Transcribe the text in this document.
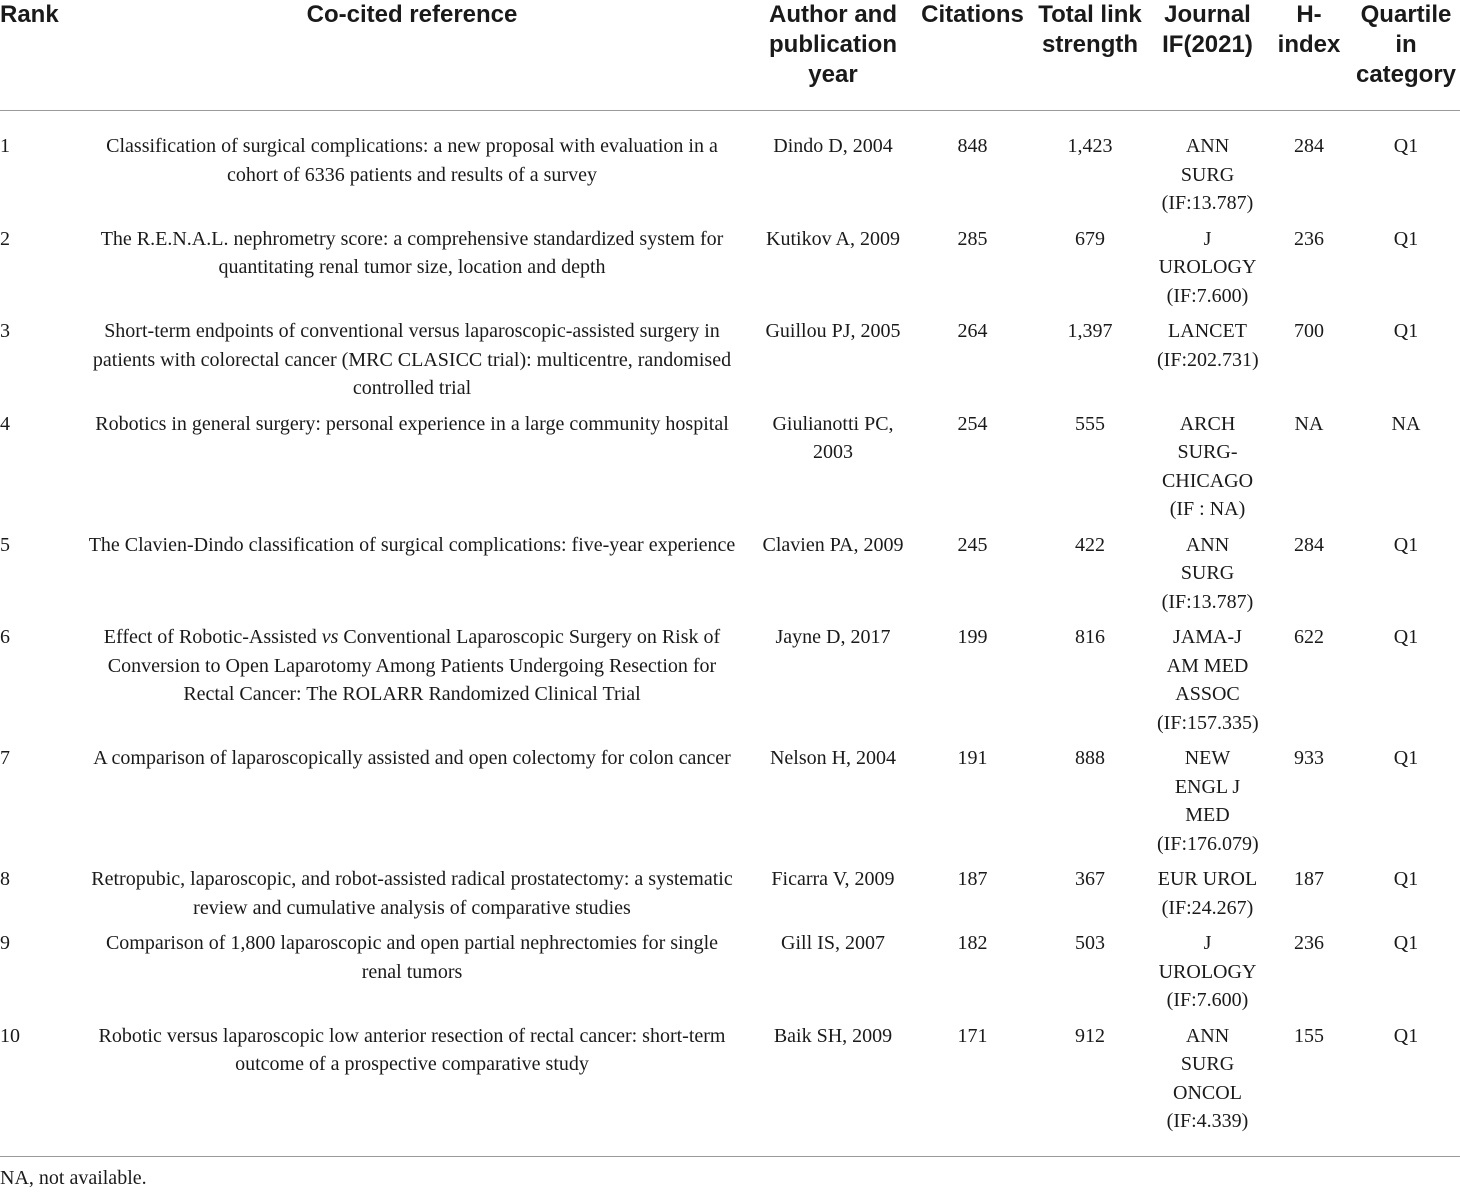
Rank	Co-cited reference	Author and publication year	Citations	Total link strength	Journal IF(2021)	H-index	Quartile in category
1	Classification of surgical complications: a new proposal with evaluation in a cohort of 6336 patients and results of a survey	Dindo D, 2004	848	1,423	ANN SURG (IF:13.787)	284	Q1
2	The R.E.N.A.L. nephrometry score: a comprehensive standardized system for quantitating renal tumor size, location and depth	Kutikov A, 2009	285	679	J UROLOGY (IF:7.600)	236	Q1
3	Short-term endpoints of conventional versus laparoscopic-assisted surgery in patients with colorectal cancer (MRC CLASICC trial): multicentre, randomised controlled trial	Guillou PJ, 2005	264	1,397	LANCET (IF:202.731)	700	Q1
4	Robotics in general surgery: personal experience in a large community hospital	Giulianotti PC, 2003	254	555	ARCH SURG-CHICAGO (IF : NA)	NA	NA
5	The Clavien-Dindo classification of surgical complications: five-year experience	Clavien PA, 2009	245	422	ANN SURG (IF:13.787)	284	Q1
6	Effect of Robotic-Assisted vs Conventional Laparoscopic Surgery on Risk of Conversion to Open Laparotomy Among Patients Undergoing Resection for Rectal Cancer: The ROLARR Randomized Clinical Trial	Jayne D, 2017	199	816	JAMA-J AM MED ASSOC (IF:157.335)	622	Q1
7	A comparison of laparoscopically assisted and open colectomy for colon cancer	Nelson H, 2004	191	888	NEW ENGL J MED (IF:176.079)	933	Q1
8	Retropubic, laparoscopic, and robot-assisted radical prostatectomy: a systematic review and cumulative analysis of comparative studies	Ficarra V, 2009	187	367	EUR UROL (IF:24.267)	187	Q1
9	Comparison of 1,800 laparoscopic and open partial nephrectomies for single renal tumors	Gill IS, 2007	182	503	J UROLOGY (IF:7.600)	236	Q1
10	Robotic versus laparoscopic low anterior resection of rectal cancer: short-term outcome of a prospective comparative study	Baik SH, 2009	171	912	ANN SURG ONCOL (IF:4.339)	155	Q1
NA, not available.							
